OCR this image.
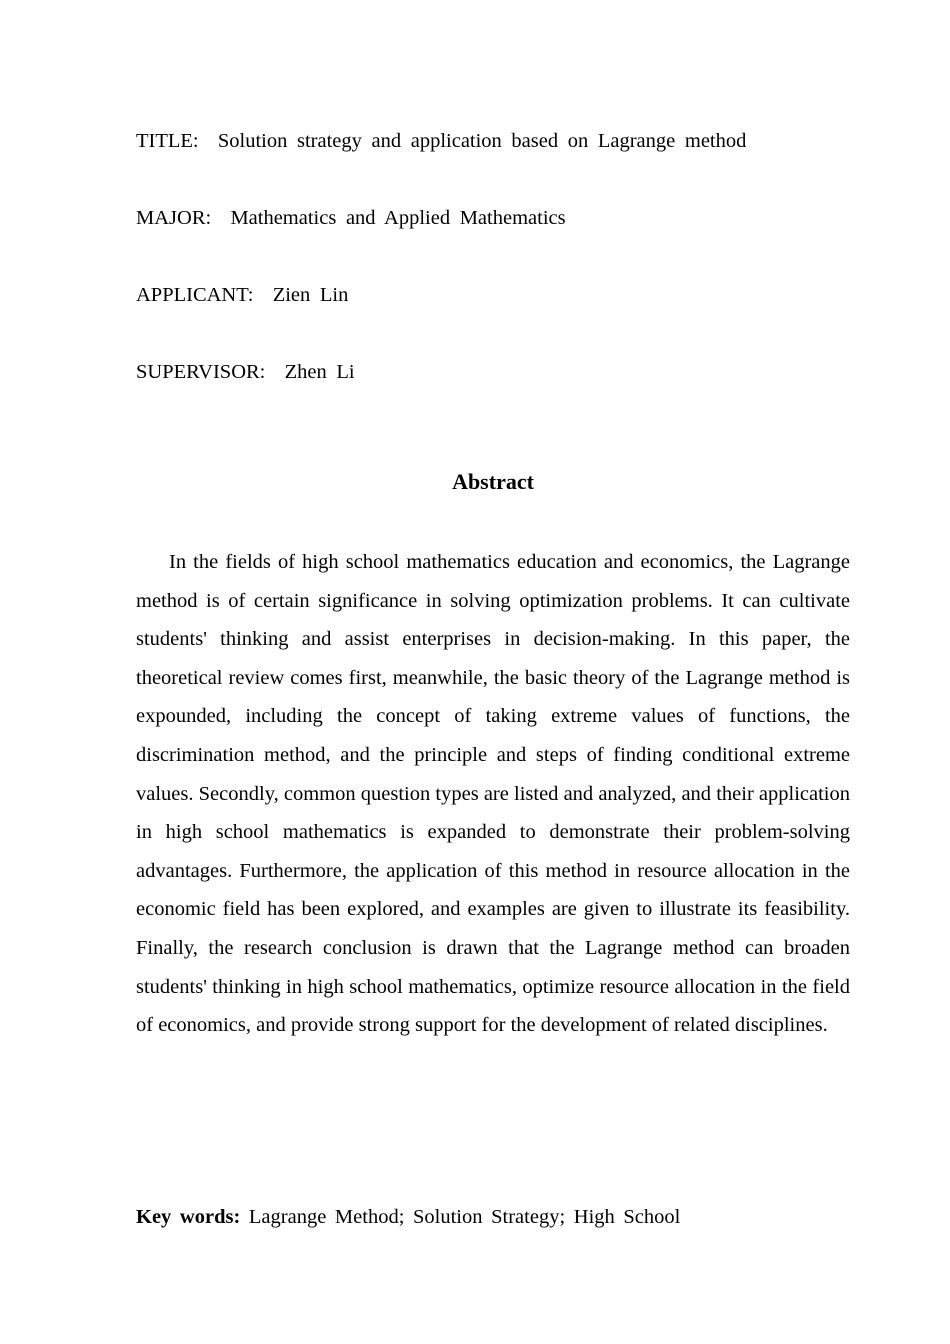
TITLE: Solution strategy and application based on Lagrange method

MAJOR: Mathematics and Applied Mathematics

APPLICANT: Zien Lin

SUPERVISOR: Zhen Li

Abstract

In the fields of high school mathematics education and economics, the Lagrange method is of certain significance in solving optimization problems. It can cultivate students' thinking and assist enterprises in decision-making. In this paper, the theoretical review comes first, meanwhile, the basic theory of the Lagrange method is expounded, including the concept of taking extreme values of functions, the discrimination method, and the principle and steps of finding conditional extreme values. Secondly, common question types are listed and analyzed, and their application in high school mathematics is expanded to demonstrate their problem-solving advantages. Furthermore, the application of this method in resource allocation in the economic field has been explored, and examples are given to illustrate its feasibility. Finally, the research conclusion is drawn that the Lagrange method can broaden students' thinking in high school mathematics, optimize resource allocation in the field of economics, and provide strong support for the development of related disciplines.

Key words: Lagrange Method; Solution Strategy; High School
